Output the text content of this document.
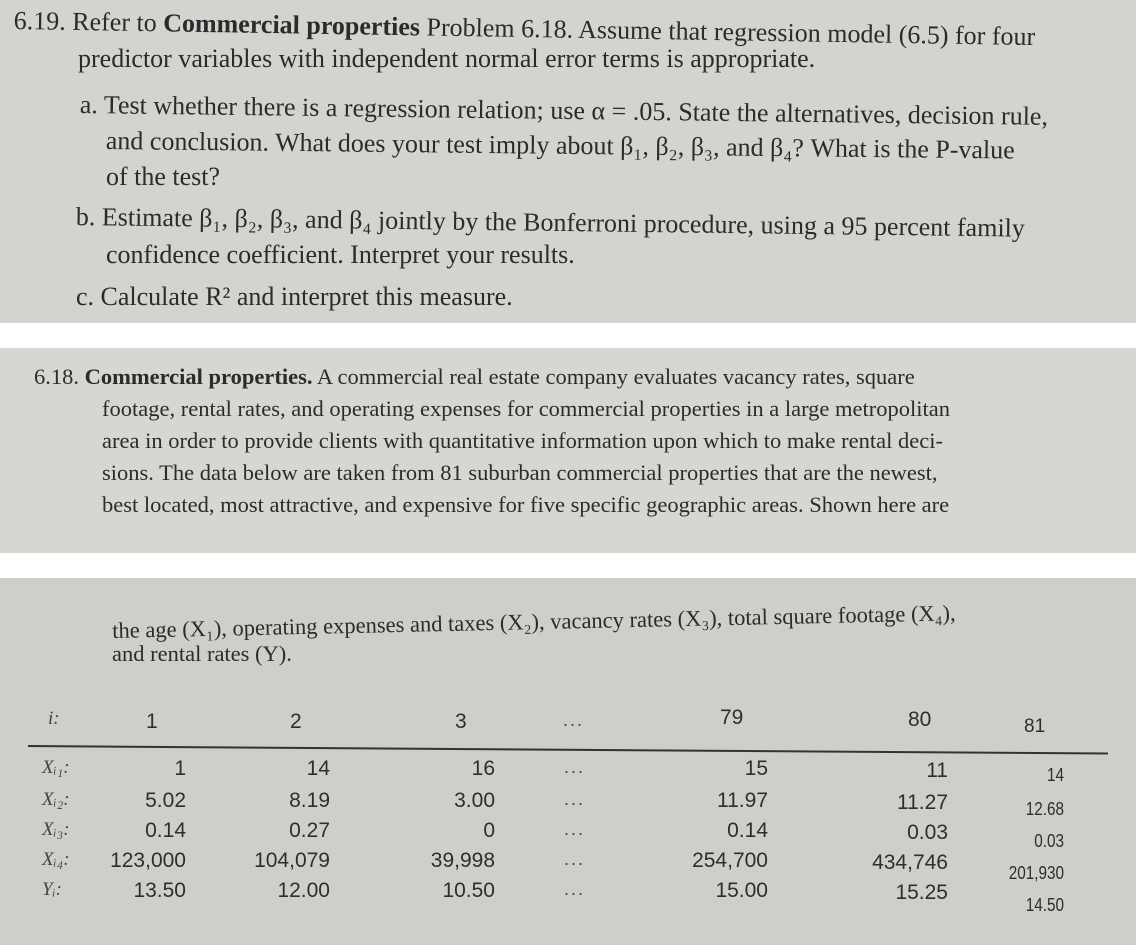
6.19. Refer to Commercial properties Problem 6.18. Assume that regression model (6.5) for four
predictor variables with independent normal error terms is appropriate.
a. Test whether there is a regression relation; use α = .05. State the alternatives, decision rule,
and conclusion. What does your test imply about β₁, β₂, β₃, and β₄? What is the P-value
of the test?
b. Estimate β₁, β₂, β₃, and β₄ jointly by the Bonferroni procedure, using a 95 percent family
confidence coefficient. Interpret your results.
c. Calculate R² and interpret this measure.
6.18. Commercial properties. A commercial real estate company evaluates vacancy rates, square
footage, rental rates, and operating expenses for commercial properties in a large metropolitan
area in order to provide clients with quantitative information upon which to make rental deci-
sions. The data below are taken from 81 suburban commercial properties that are the newest,
best located, most attractive, and expensive for five specific geographic areas. Shown here are
the age (X₁), operating expenses and taxes (X₂), vacancy rates (X₃), total square footage (X₄),
and rental rates (Y).
i:
Xᵢ₁:
Xᵢ₂:
Xᵢ₃:
Xᵢ₄:
Yᵢ:
1
1
5.02
0.14
123,000
13.50
2
14
8.19
0.27
104,079
12.00
3
16
3.00
0
39,998
10.50
...
...
...
...
...
...
79
15
11.97
0.14
254,700
15.00
80
11
11.27
0.03
434,746
15.25
81
14
12.68
0.03
201,930
14.50
